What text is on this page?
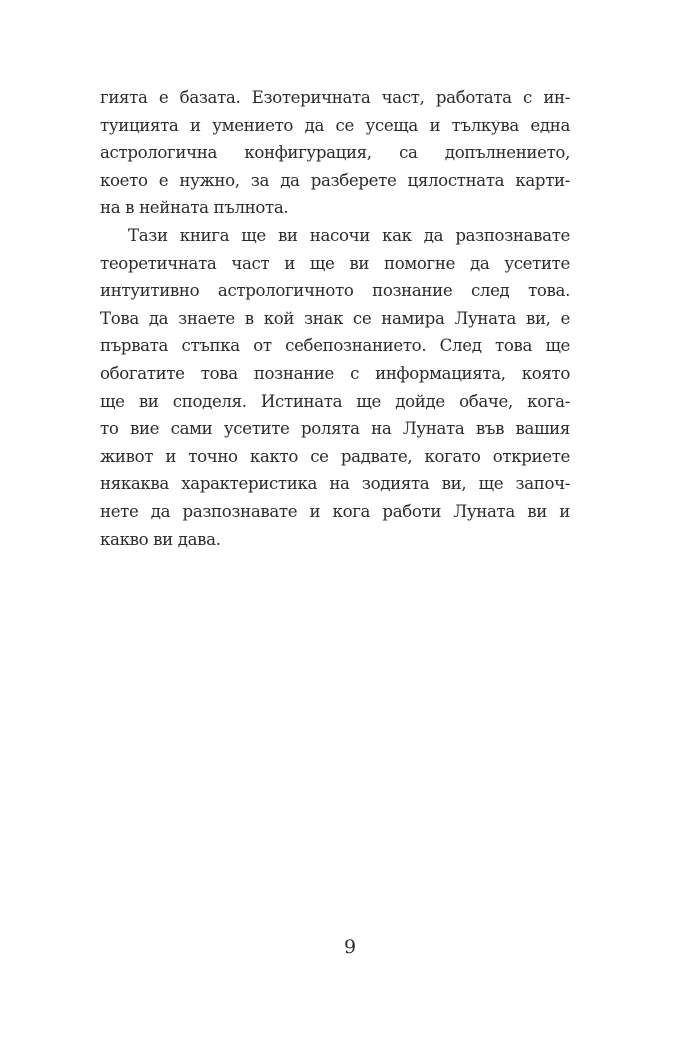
гията е базата. Езотеричната част, работата с ин-
туицията и умението да се усеща и тълкува една
астрологична конфигурация, са допълнението,
което е нужно, за да разберете цялостната карти-
на в нейната пълнота.
Тази книга ще ви насочи как да разпознавате
теоретичната част и ще ви помогне да усетите
интуитивно астрологичното познание след това.
Това да знаете в кой знак се намира Луната ви, е
първата стъпка от себепознанието. След това ще
обогатите това познание с информацията, която
ще ви споделя. Истината ще дойде обаче, кога-
то вие сами усетите ролята на Луната във вашия
живот и точно както се радвате, когато откриете
някаква характеристика на зодията ви, ще започ-
нете да разпознавате и кога работи Луната ви и
какво ви дава.
9
